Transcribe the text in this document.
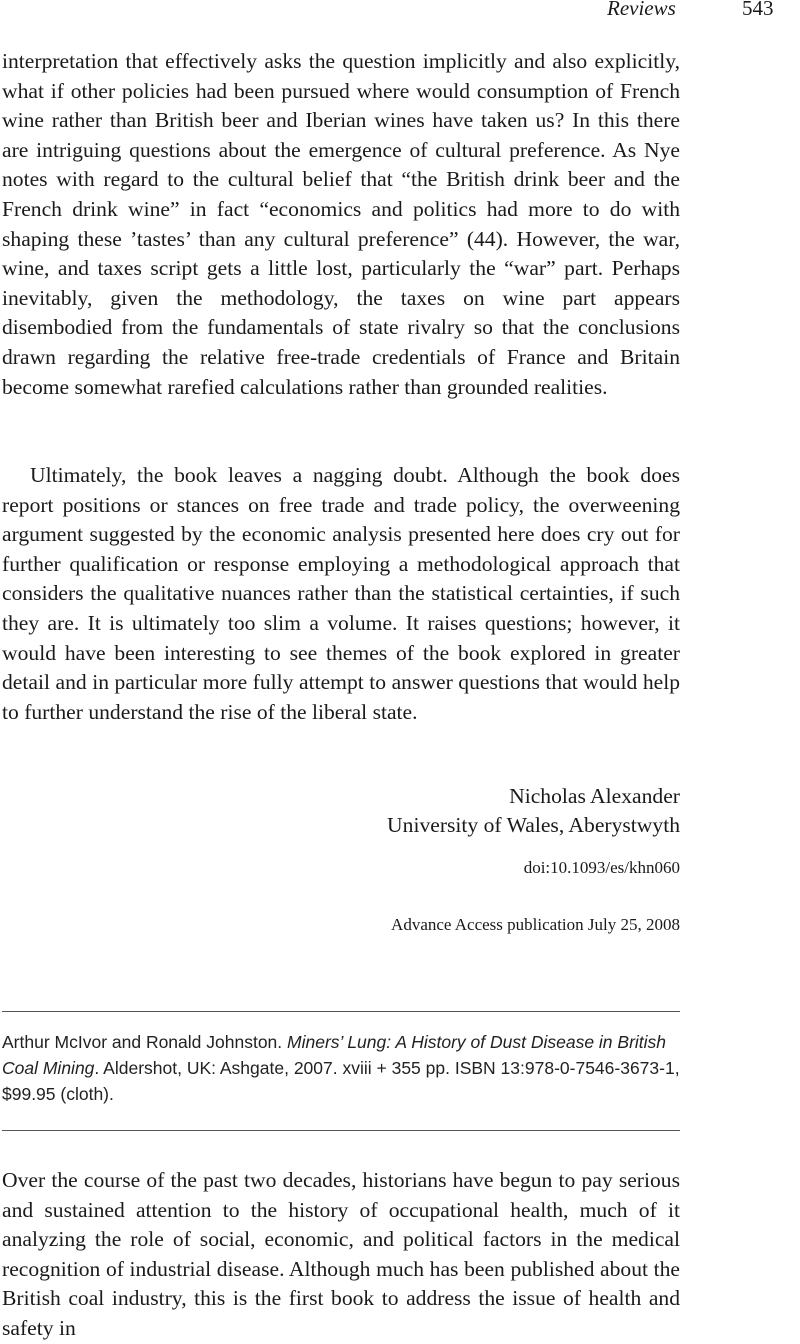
Reviews	543

interpretation that effectively asks the question implicitly and also explicitly, what if other policies had been pursued where would consumption of French wine rather than British beer and Iberian wines have taken us? In this there are intriguing questions about the emergence of cultural preference. As Nye notes with regard to the cultural belief that “the British drink beer and the French drink wine” in fact “economics and politics had more to do with shaping these ’tastes’ than any cultural preference” (44). However, the war, wine, and taxes script gets a little lost, particularly the “war” part. Perhaps inevitably, given the methodology, the taxes on wine part appears disembodied from the fundamentals of state rivalry so that the conclusions drawn regarding the relative free-trade credentials of France and Britain become somewhat rarefied calculations rather than grounded realities.

Ultimately, the book leaves a nagging doubt. Although the book does report positions or stances on free trade and trade policy, the overweening argument suggested by the economic analysis presented here does cry out for further qualification or response employing a methodological approach that considers the qualitative nuances rather than the statistical certainties, if such they are. It is ultimately too slim a volume. It raises questions; however, it would have been interesting to see themes of the book explored in greater detail and in particular more fully attempt to answer questions that would help to further understand the rise of the liberal state.

Nicholas Alexander
University of Wales, Aberystwyth
doi:10.1093/es/khn060
Advance Access publication July 25, 2008
Arthur McIvor and Ronald Johnston. Miners’ Lung: A History of Dust Disease in British Coal Mining. Aldershot, UK: Ashgate, 2007. xviii + 355 pp. ISBN 13:978-0-7546-3673-1, $99.95 (cloth).

Over the course of the past two decades, historians have begun to pay serious and sustained attention to the history of occupational health, much of it analyzing the role of social, economic, and political factors in the medical recognition of industrial disease. Although much has been published about the British coal industry, this is the first book to address the issue of health and safety in
